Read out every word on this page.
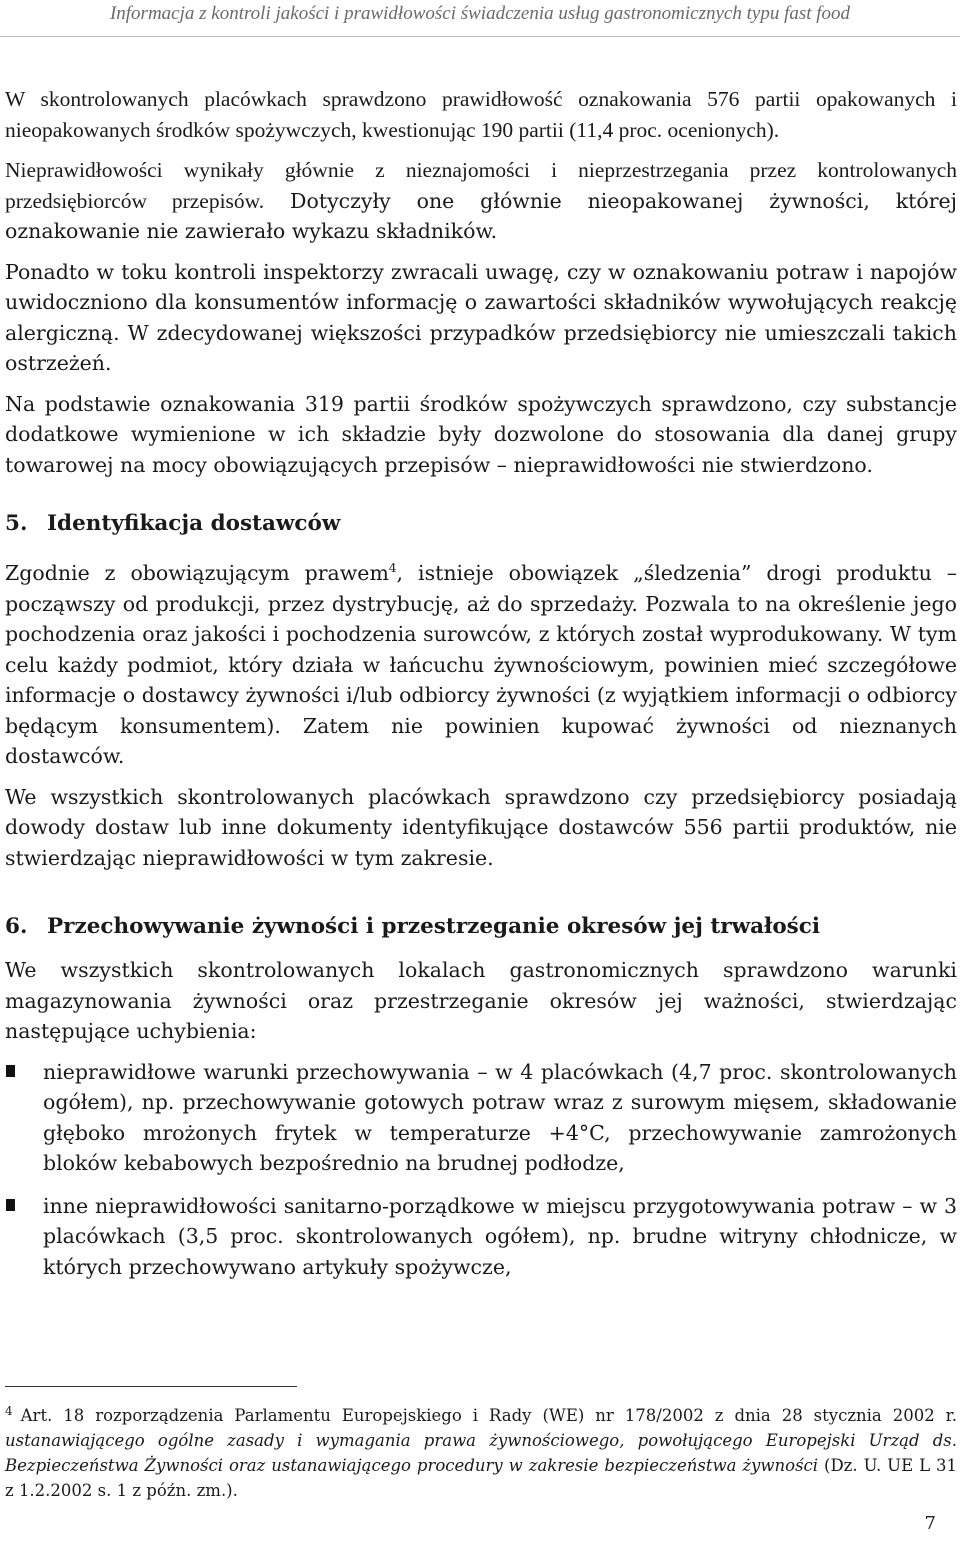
Informacja z kontroli jakości i prawidłowości świadczenia usług gastronomicznych typu fast food

W skontrolowanych placówkach sprawdzono prawidłowość oznakowania 576 partii opakowanych i nieopakowanych środków spożywczych, kwestionując 190 partii (11,4 proc. ocenionych).

Nieprawidłowości wynikały głównie z nieznajomości i nieprzestrzegania przez kontrolowanych przedsiębiorców przepisów. Dotyczyły one głównie nieopakowanej żywności, której oznakowanie nie zawierało wykazu składników.

Ponadto w toku kontroli inspektorzy zwracali uwagę, czy w oznakowaniu potraw i napojów uwidoczniono dla konsumentów informację o zawartości składników wywołujących reakcję alergiczną. W zdecydowanej większości przypadków przedsiębiorcy nie umieszczali takich ostrzeżeń.

Na podstawie oznakowania 319 partii środków spożywczych sprawdzono, czy substancje dodatkowe wymienione w ich składzie były dozwolone do stosowania dla danej grupy towarowej na mocy obowiązujących przepisów – nieprawidłowości nie stwierdzono.

5. Identyfikacja dostawców

Zgodnie z obowiązującym prawem$^4$, istnieje obowiązek „śledzenia” drogi produktu – począwszy od produkcji, przez dystrybucję, aż do sprzedaży. Pozwala to na określenie jego pochodzenia oraz jakości i pochodzenia surowców, z których został wyprodukowany. W tym celu każdy podmiot, który działa w łańcuchu żywnościowym, powinien mieć szczegółowe informacje o dostawcy żywności i/lub odbiorcy żywności (z wyjątkiem informacji o odbiorcy będącym konsumentem). Zatem nie powinien kupować żywności od nieznanych dostawców.

We wszystkich skontrolowanych placówkach sprawdzono czy przedsiębiorcy posiadają dowody dostaw lub inne dokumenty identyfikujące dostawców 556 partii produktów, nie stwierdzając nieprawidłowości w tym zakresie.

6. Przechowywanie żywności i przestrzeganie okresów jej trwałości

We wszystkich skontrolowanych lokalach gastronomicznych sprawdzono warunki magazynowania żywności oraz przestrzeganie okresów jej ważności, stwierdzając następujące uchybienia:

nieprawidłowe warunki przechowywania – w 4 placówkach (4,7 proc. skontrolowanych ogółem), np. przechowywanie gotowych potraw wraz z surowym mięsem, składowanie głęboko mrożonych frytek w temperaturze +4°C, przechowywanie zamrożonych bloków kebabowych bezpośrednio na brudnej podłodze,

inne nieprawidłowości sanitarno-porządkowe w miejscu przygotowywania potraw – w 3 placówkach (3,5 proc. skontrolowanych ogółem), np. brudne witryny chłodnicze, w których przechowywano artykuły spożywcze,

$^4$ Art. 18 rozporządzenia Parlamentu Europejskiego i Rady (WE) nr 178/2002 z dnia 28 stycznia 2002 r. ustanawiającego ogólne zasady i wymagania prawa żywnościowego, powołującego Europejski Urząd ds. Bezpieczeństwa Żywności oraz ustanawiającego procedury w zakresie bezpieczeństwa żywności (Dz. U. UE L 31 z 1.2.2002 s. 1 z późn. zm.).
7
